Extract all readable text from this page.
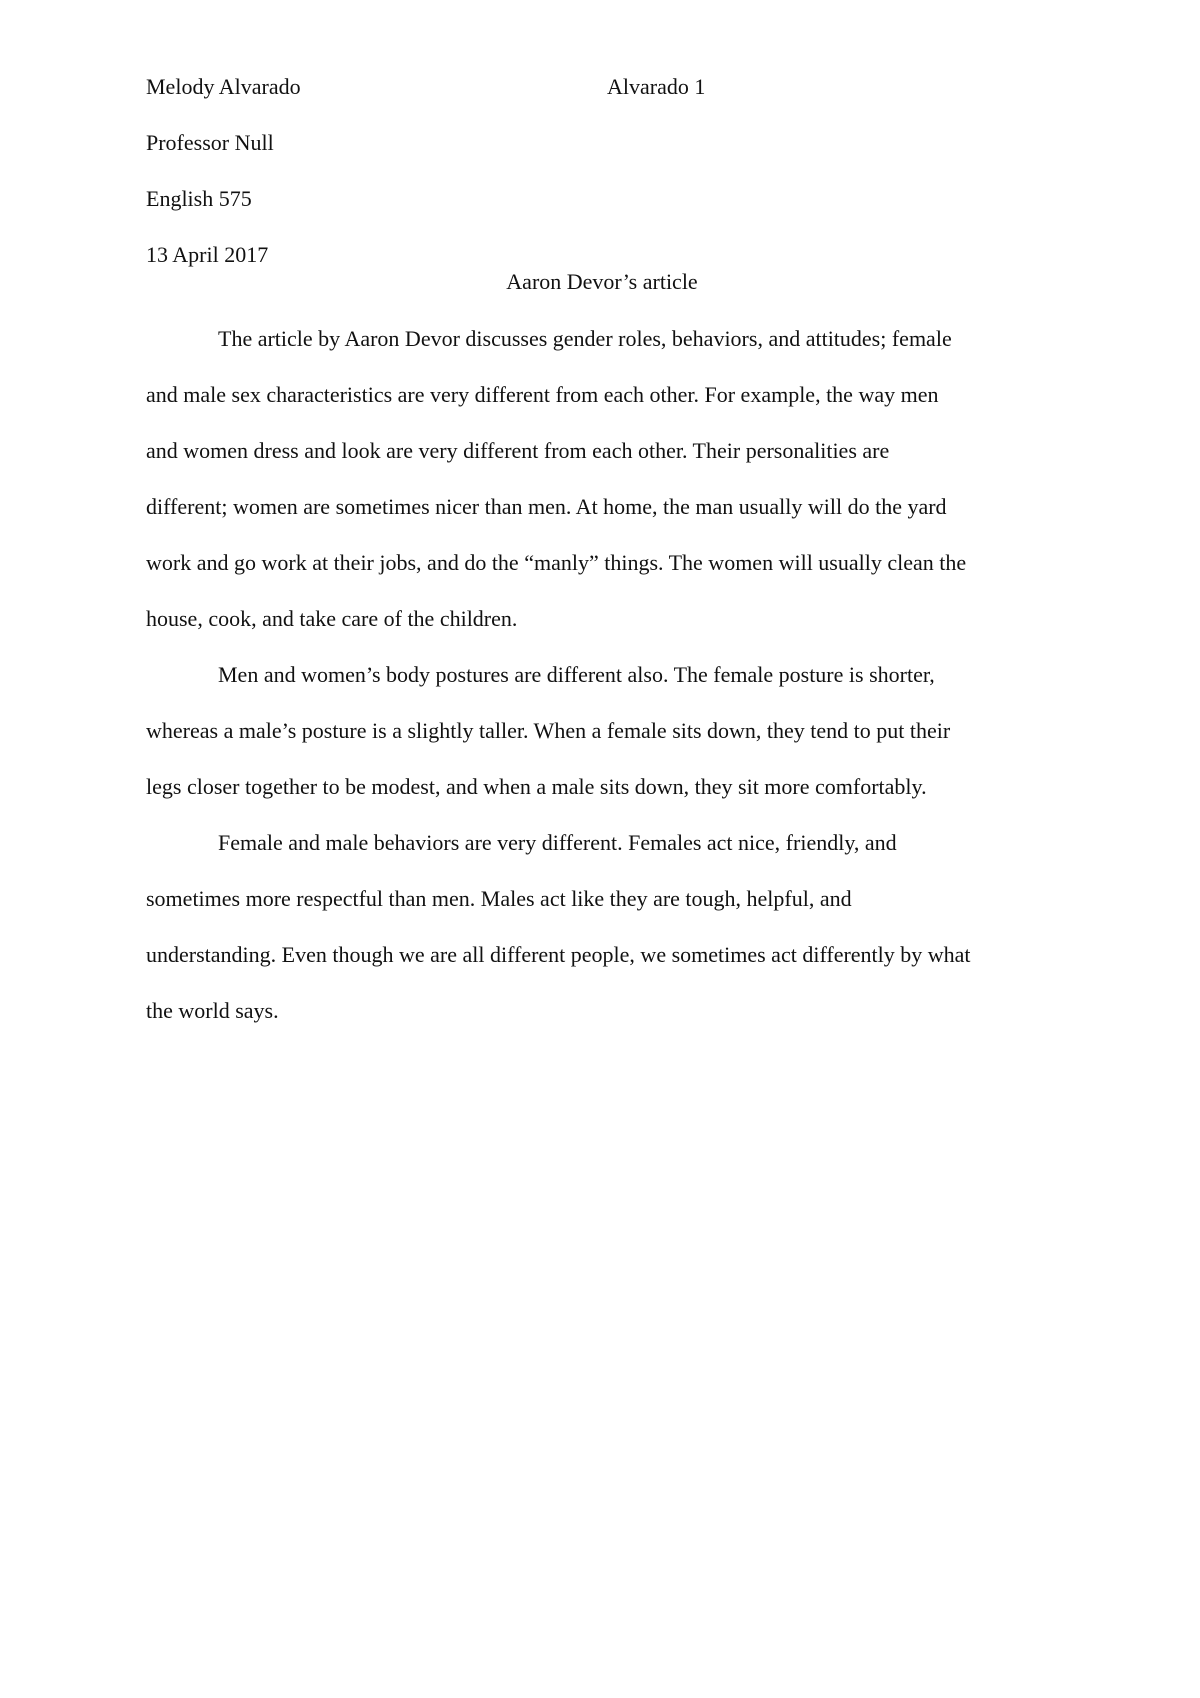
Melody Alvarado	Alvarado 1

Professor Null

English 575

13 April 2017

Aaron Devor’s article

The article by Aaron Devor discusses gender roles, behaviors, and attitudes; female
and male sex characteristics are very different from each other. For example, the way men
and women dress and look are very different from each other. Their personalities are
different; women are sometimes nicer than men. At home, the man usually will do the yard
work and go work at their jobs, and do the “manly” things. The women will usually clean the
house, cook, and take care of the children.
Men and women’s body postures are different also. The female posture is shorter,
whereas a male’s posture is a slightly taller. When a female sits down, they tend to put their
legs closer together to be modest, and when a male sits down, they sit more comfortably.
Female and male behaviors are very different. Females act nice, friendly, and
sometimes more respectful than men. Males act like they are tough, helpful, and
understanding. Even though we are all different people, we sometimes act differently by what
the world says.
